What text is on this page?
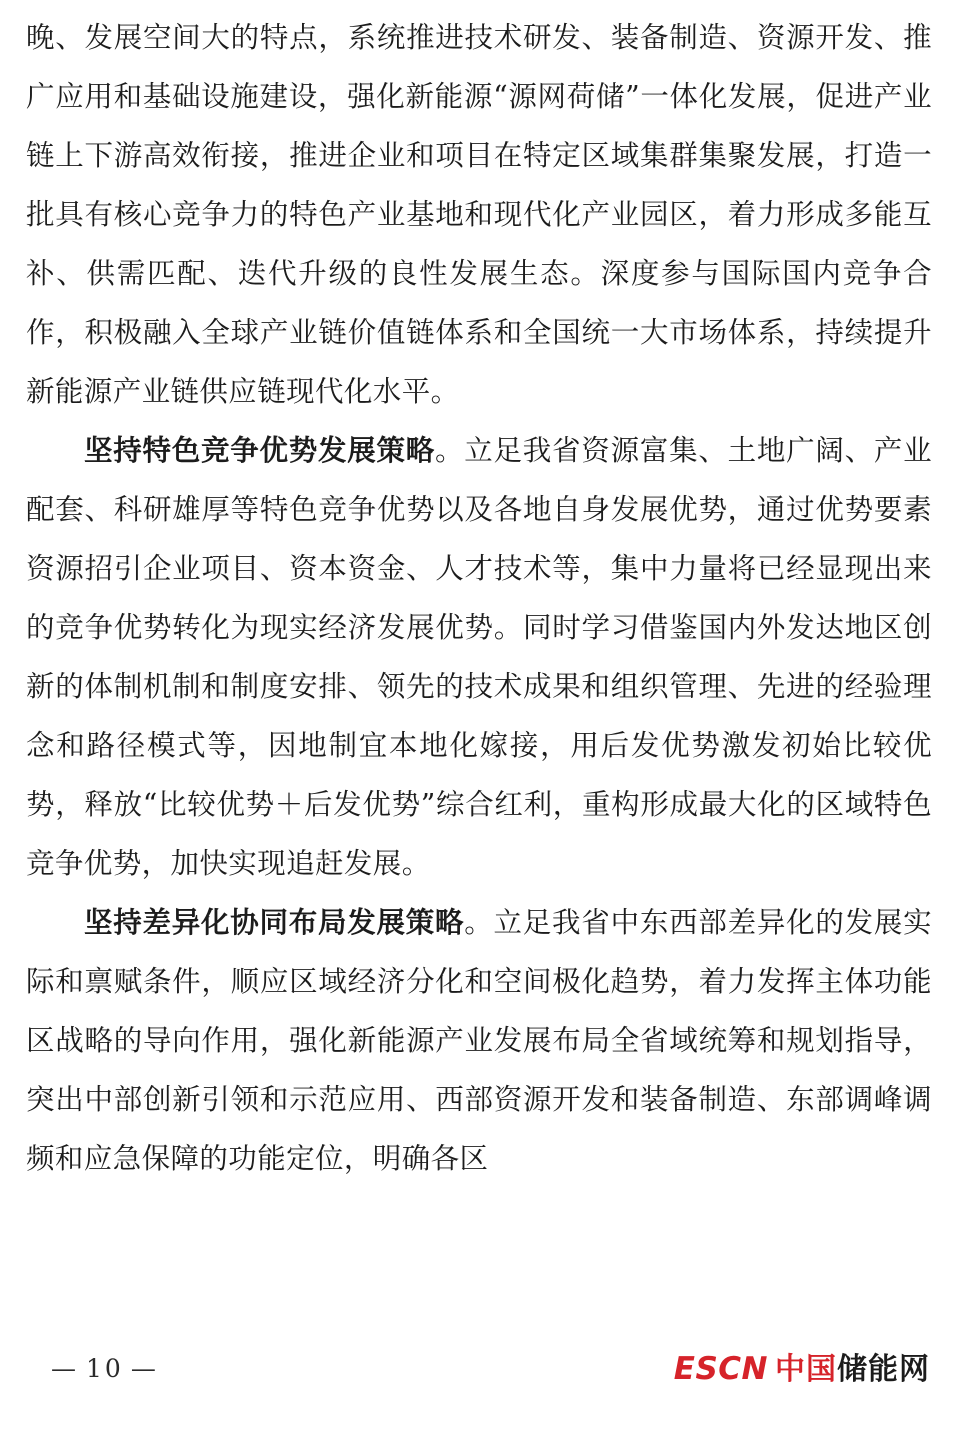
晚、发展空间大的特点，系统推进技术研发、装备制造、资源开发、推广应用和基础设施建设，强化新能源“源网荷储”一体化发展，促进产业链上下游高效衔接，推进企业和项目在特定区域集群集聚发展，打造一批具有核心竞争力的特色产业基地和现代化产业园区，着力形成多能互补、供需匹配、迭代升级的良性发展生态。深度参与国际国内竞争合作，积极融入全球产业链价值链体系和全国统一大市场体系，持续提升新能源产业链供应链现代化水平。

坚持特色竞争优势发展策略。立足我省资源富集、土地广阔、产业配套、科研雄厚等特色竞争优势以及各地自身发展优势，通过优势要素资源招引企业项目、资本资金、人才技术等，集中力量将已经显现出来的竞争优势转化为现实经济发展优势。同时学习借鉴国内外发达地区创新的体制机制和制度安排、领先的技术成果和组织管理、先进的经验理念和路径模式等，因地制宜本地化嫁接，用后发优势激发初始比较优势，释放“比较优势＋后发优势”综合红利，重构形成最大化的区域特色竞争优势，加快实现追赶发展。

坚持差异化协同布局发展策略。立足我省中东西部差异化的发展实际和禀赋条件，顺应区域经济分化和空间极化趋势，着力发挥主体功能区战略的导向作用，强化新能源产业发展布局全省域统筹和规划指导，突出中部创新引领和示范应用、西部资源开发和装备制造、东部调峰调频和应急保障的功能定位，明确各区

— 10 —	ESCN 中国储能网
